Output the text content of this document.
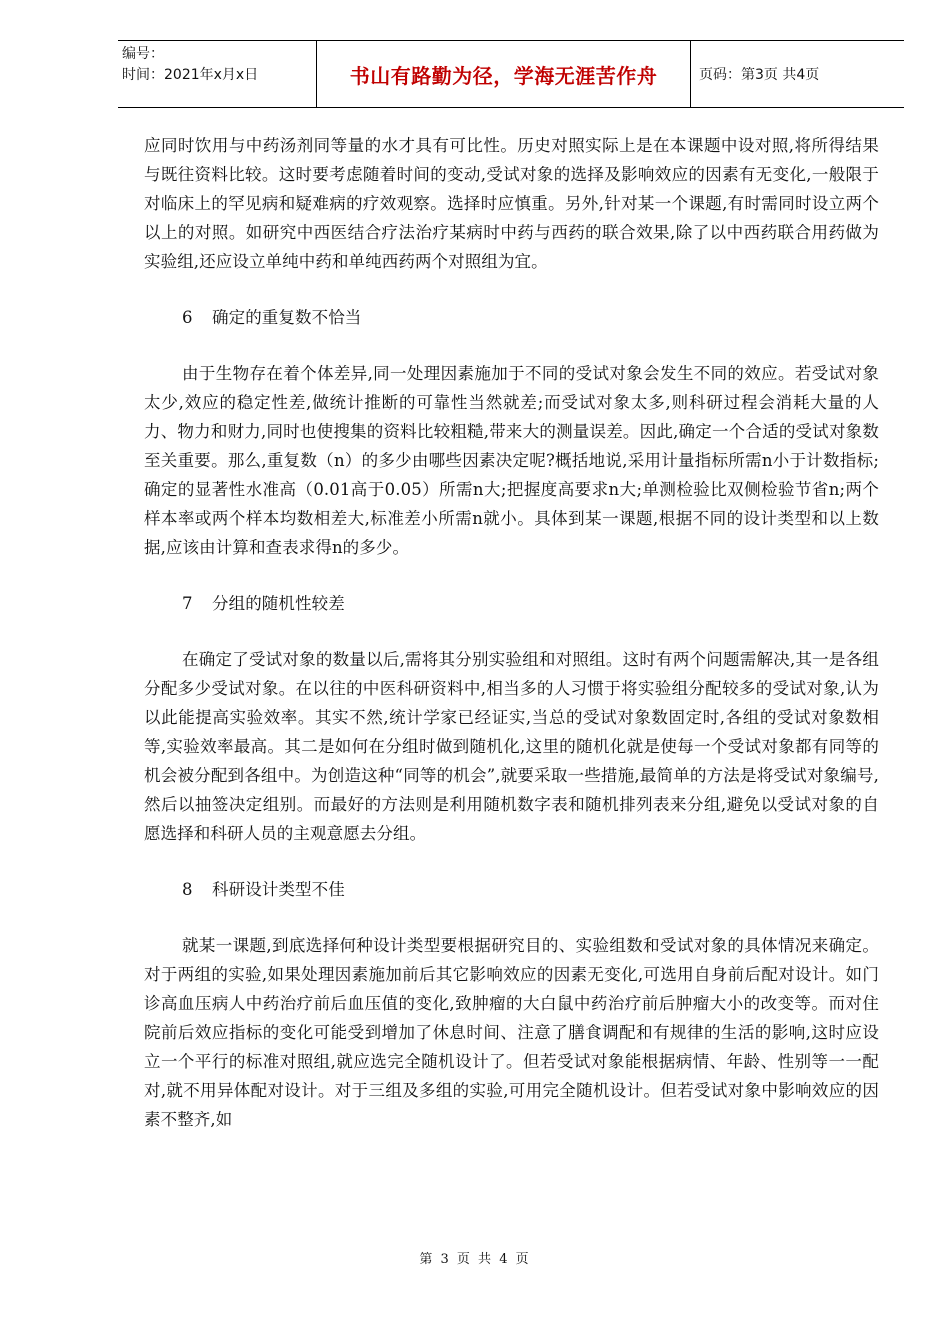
编号：
时间：2021年x月x日	书山有路勤为径，学海无涯苦作舟	页码：第3页 共4页

应同时饮用与中药汤剂同等量的水才具有可比性。历史对照实际上是在本课题中设对照,将所得结果与既往资料比较。这时要考虑随着时间的变动,受试对象的选择及影响效应的因素有无变化,一般限于对临床上的罕见病和疑难病的疗效观察。选择时应慎重。另外,针对某一个课题,有时需同时设立两个以上的对照。如研究中西医结合疗法治疗某病时中药与西药的联合效果,除了以中西药联合用药做为实验组,还应设立单纯中药和单纯西药两个对照组为宜。

6 确定的重复数不恰当

由于生物存在着个体差异,同一处理因素施加于不同的受试对象会发生不同的效应。若受试对象太少,效应的稳定性差,做统计推断的可靠性当然就差;而受试对象太多,则科研过程会消耗大量的人力、物力和财力,同时也使搜集的资料比较粗糙,带来大的测量误差。因此,确定一个合适的受试对象数至关重要。那么,重复数（n）的多少由哪些因素决定呢?概括地说,采用计量指标所需n小于计数指标;确定的显著性水准高（0.01高于0.05）所需n大;把握度高要求n大;单测检验比双侧检验节省n;两个样本率或两个样本均数相差大,标准差小所需n就小。具体到某一课题,根据不同的设计类型和以上数据,应该由计算和查表求得n的多少。

7 分组的随机性较差

在确定了受试对象的数量以后,需将其分别实验组和对照组。这时有两个问题需解决,其一是各组分配多少受试对象。在以往的中医科研资料中,相当多的人习惯于将实验组分配较多的受试对象,认为以此能提高实验效率。其实不然,统计学家已经证实,当总的受试对象数固定时,各组的受试对象数相等,实验效率最高。其二是如何在分组时做到随机化,这里的随机化就是使每一个受试对象都有同等的机会被分配到各组中。为创造这种“同等的机会”,就要采取一些措施,最简单的方法是将受试对象编号,然后以抽签决定组别。而最好的方法则是利用随机数字表和随机排列表来分组,避免以受试对象的自愿选择和科研人员的主观意愿去分组。

8 科研设计类型不佳

就某一课题,到底选择何种设计类型要根据研究目的、实验组数和受试对象的具体情况来确定。对于两组的实验,如果处理因素施加前后其它影响效应的因素无变化,可选用自身前后配对设计。如门诊高血压病人中药治疗前后血压值的变化,致肿瘤的大白鼠中药治疗前后肿瘤大小的改变等。而对住院前后效应指标的变化可能受到增加了休息时间、注意了膳食调配和有规律的生活的影响,这时应设立一个平行的标准对照组,就应选完全随机设计了。但若受试对象能根据病情、年龄、性别等一一配对,就不用异体配对设计。对于三组及多组的实验,可用完全随机设计。但若受试对象中影响效应的因素不整齐,如

第 3 页 共 4 页
